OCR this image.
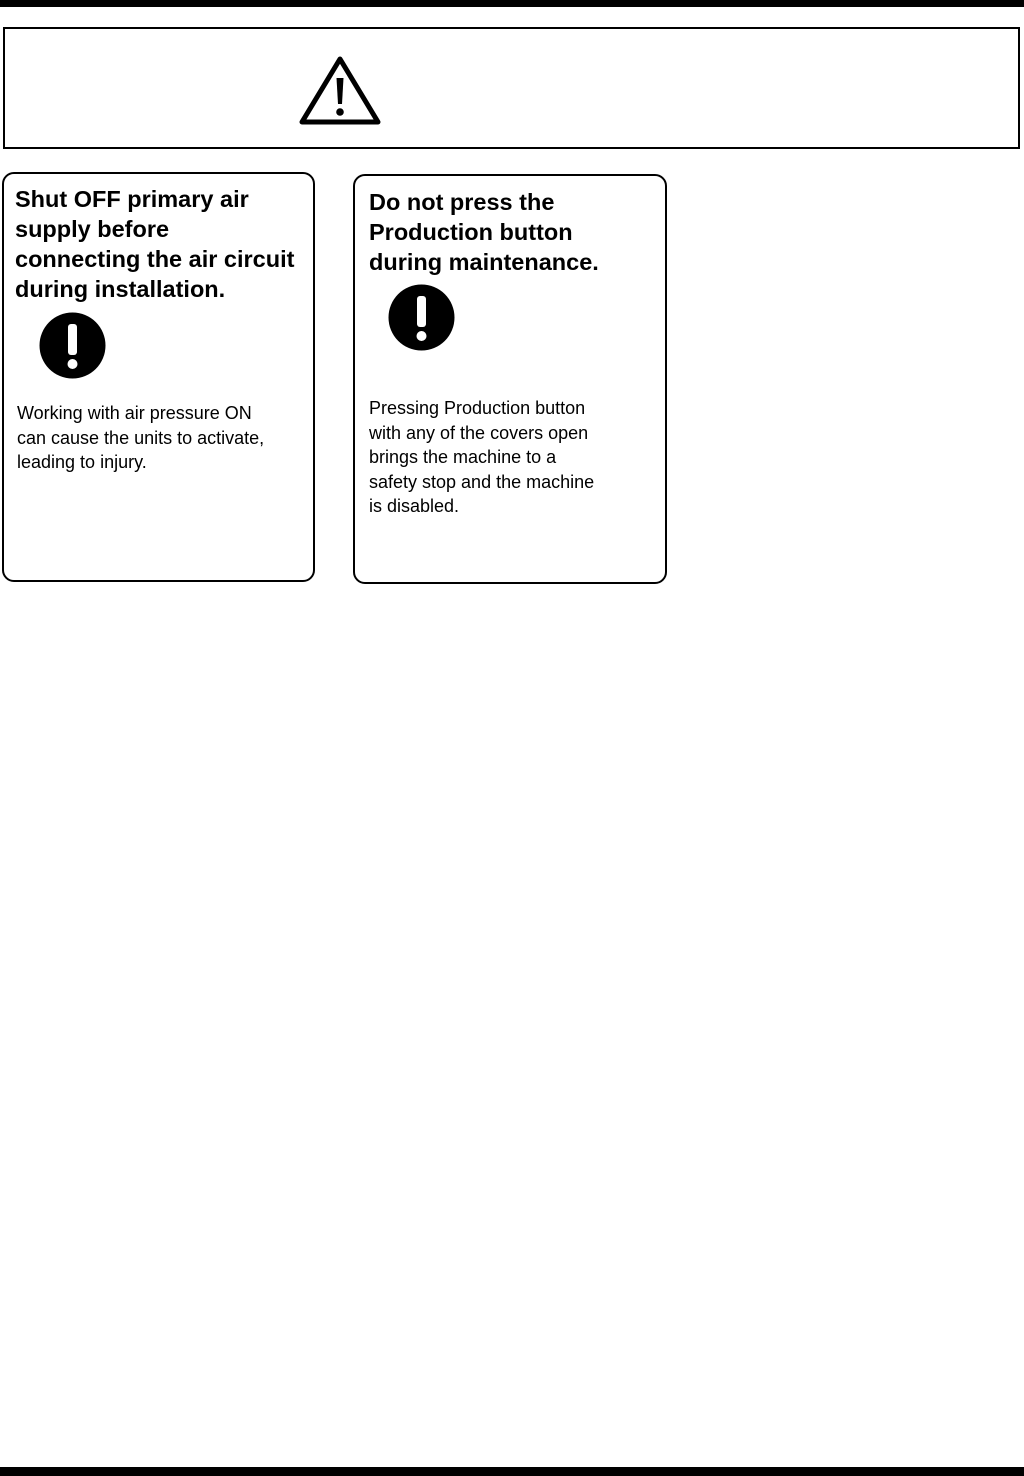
Shut OFF primary air
supply before
connecting the air circuit
during installation.

Working with air pressure ON
can cause the units to activate,
leading to injury.

Do not press the
Production button
during maintenance.

Pressing Production button
with any of the covers open
brings the machine to a
safety stop and the machine
is disabled.
